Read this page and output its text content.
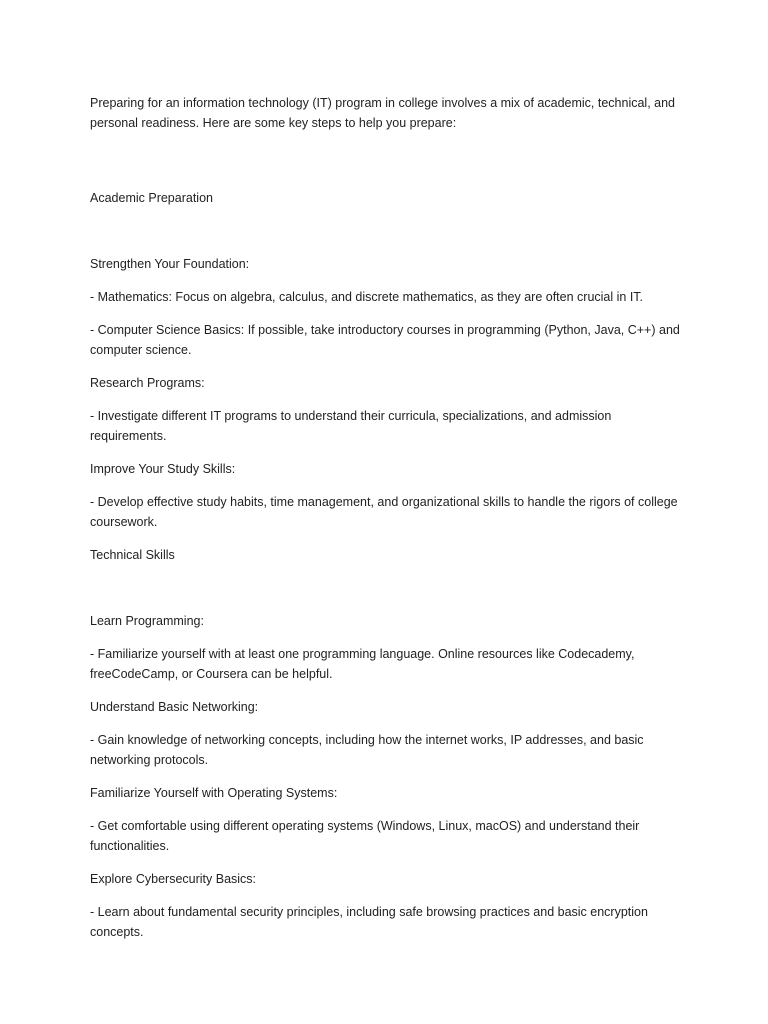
Preparing for an information technology (IT) program in college involves a mix of academic, technical, and personal readiness. Here are some key steps to help you prepare:

Academic Preparation

Strengthen Your Foundation:

- Mathematics: Focus on algebra, calculus, and discrete mathematics, as they are often crucial in IT.

- Computer Science Basics: If possible, take introductory courses in programming (Python, Java, C++) and computer science.

Research Programs:

- Investigate different IT programs to understand their curricula, specializations, and admission requirements.

Improve Your Study Skills:

- Develop effective study habits, time management, and organizational skills to handle the rigors of college coursework.

Technical Skills

Learn Programming:

- Familiarize yourself with at least one programming language. Online resources like Codecademy, freeCodeCamp, or Coursera can be helpful.

Understand Basic Networking:

- Gain knowledge of networking concepts, including how the internet works, IP addresses, and basic networking protocols.

Familiarize Yourself with Operating Systems:

- Get comfortable using different operating systems (Windows, Linux, macOS) and understand their functionalities.

Explore Cybersecurity Basics:

- Learn about fundamental security principles, including safe browsing practices and basic encryption concepts.
